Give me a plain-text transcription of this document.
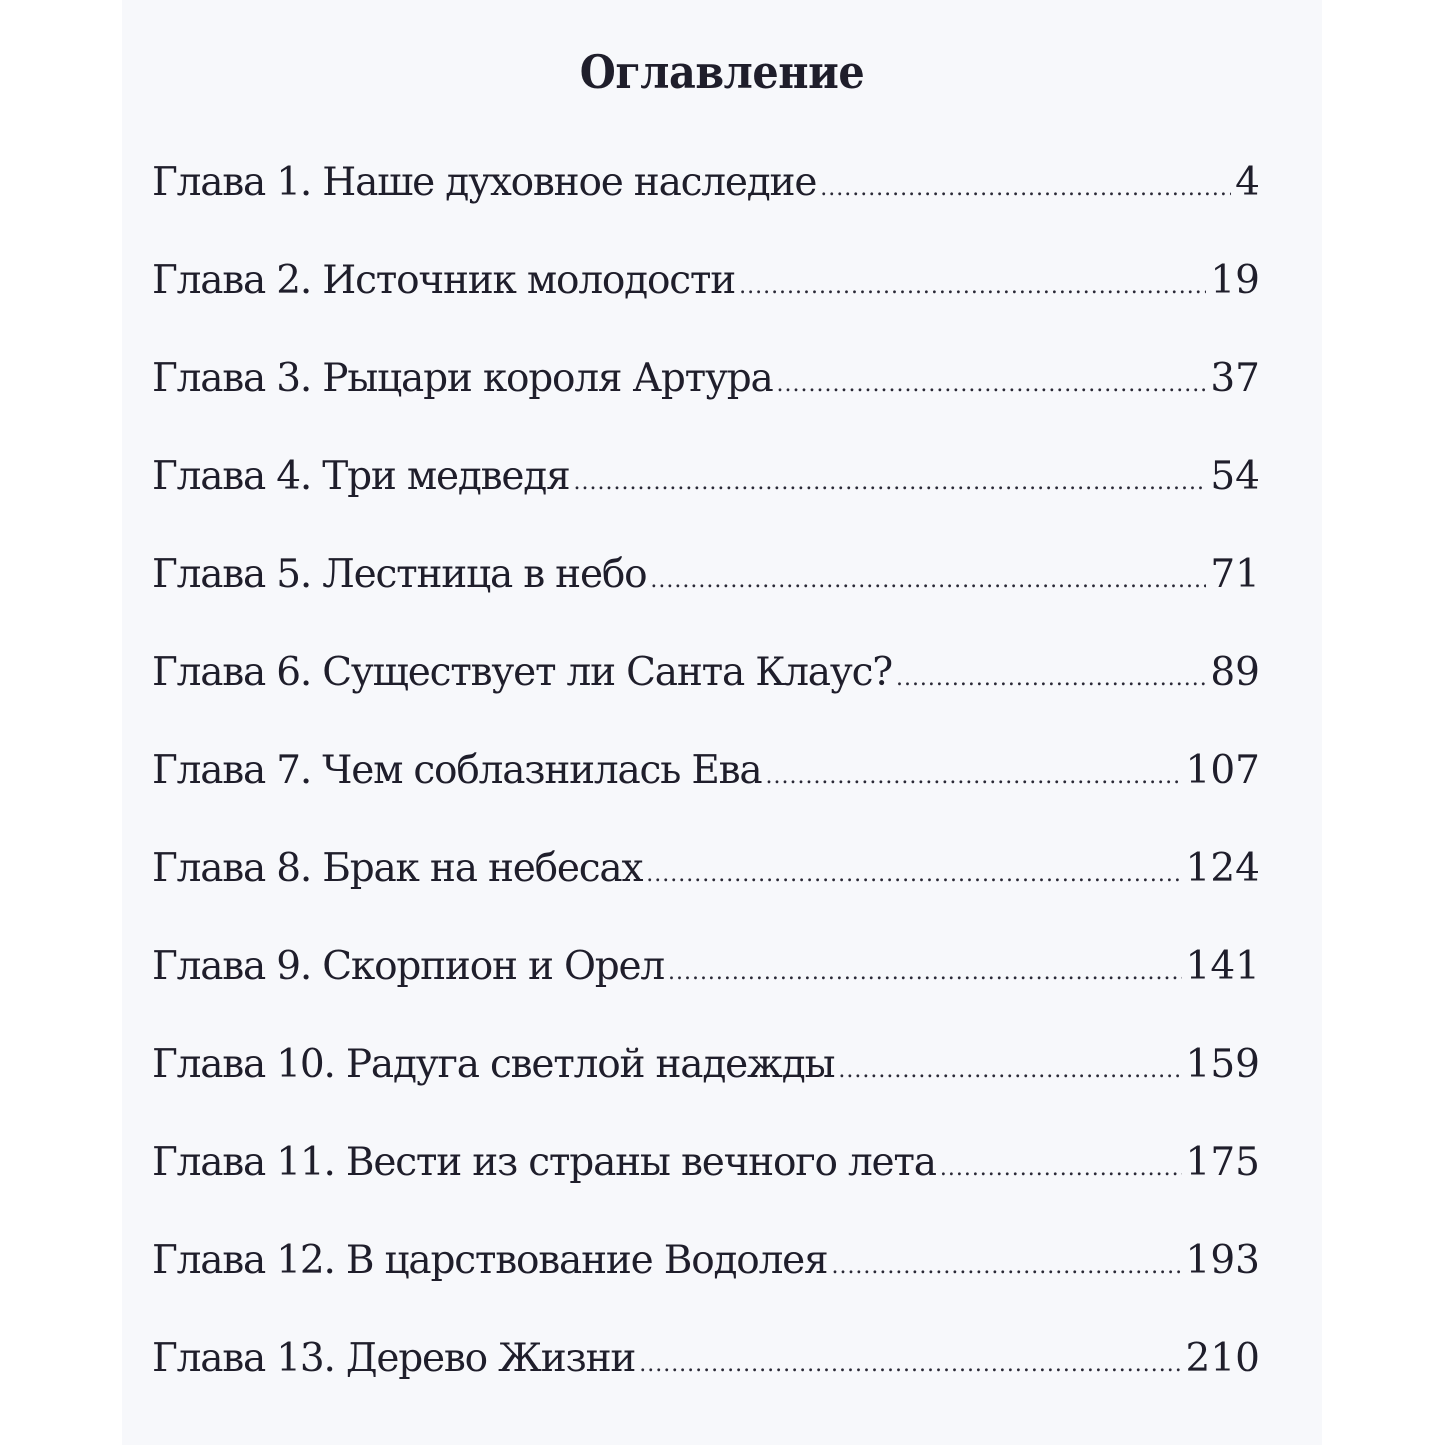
Оглавление
Глава 1. Наше духовное наследие .....	4
Глава 2. Источник молодости .....	19
Глава 3. Рыцари короля Артура .....	37
Глава 4. Три медведя .....	54
Глава 5. Лестница в небо .....	71
Глава 6. Существует ли Санта Клаус? .....	89
Глава 7. Чем соблазнилась Ева .....	107
Глава 8. Брак на небесах .....	124
Глава 9. Скорпион и Орел .....	141
Глава 10. Радуга светлой надежды .....	159
Глава 11. Вести из страны вечного лета .....	175
Глава 12. В царствование Водолея .....	193
Глава 13. Дерево Жизни .....	210
